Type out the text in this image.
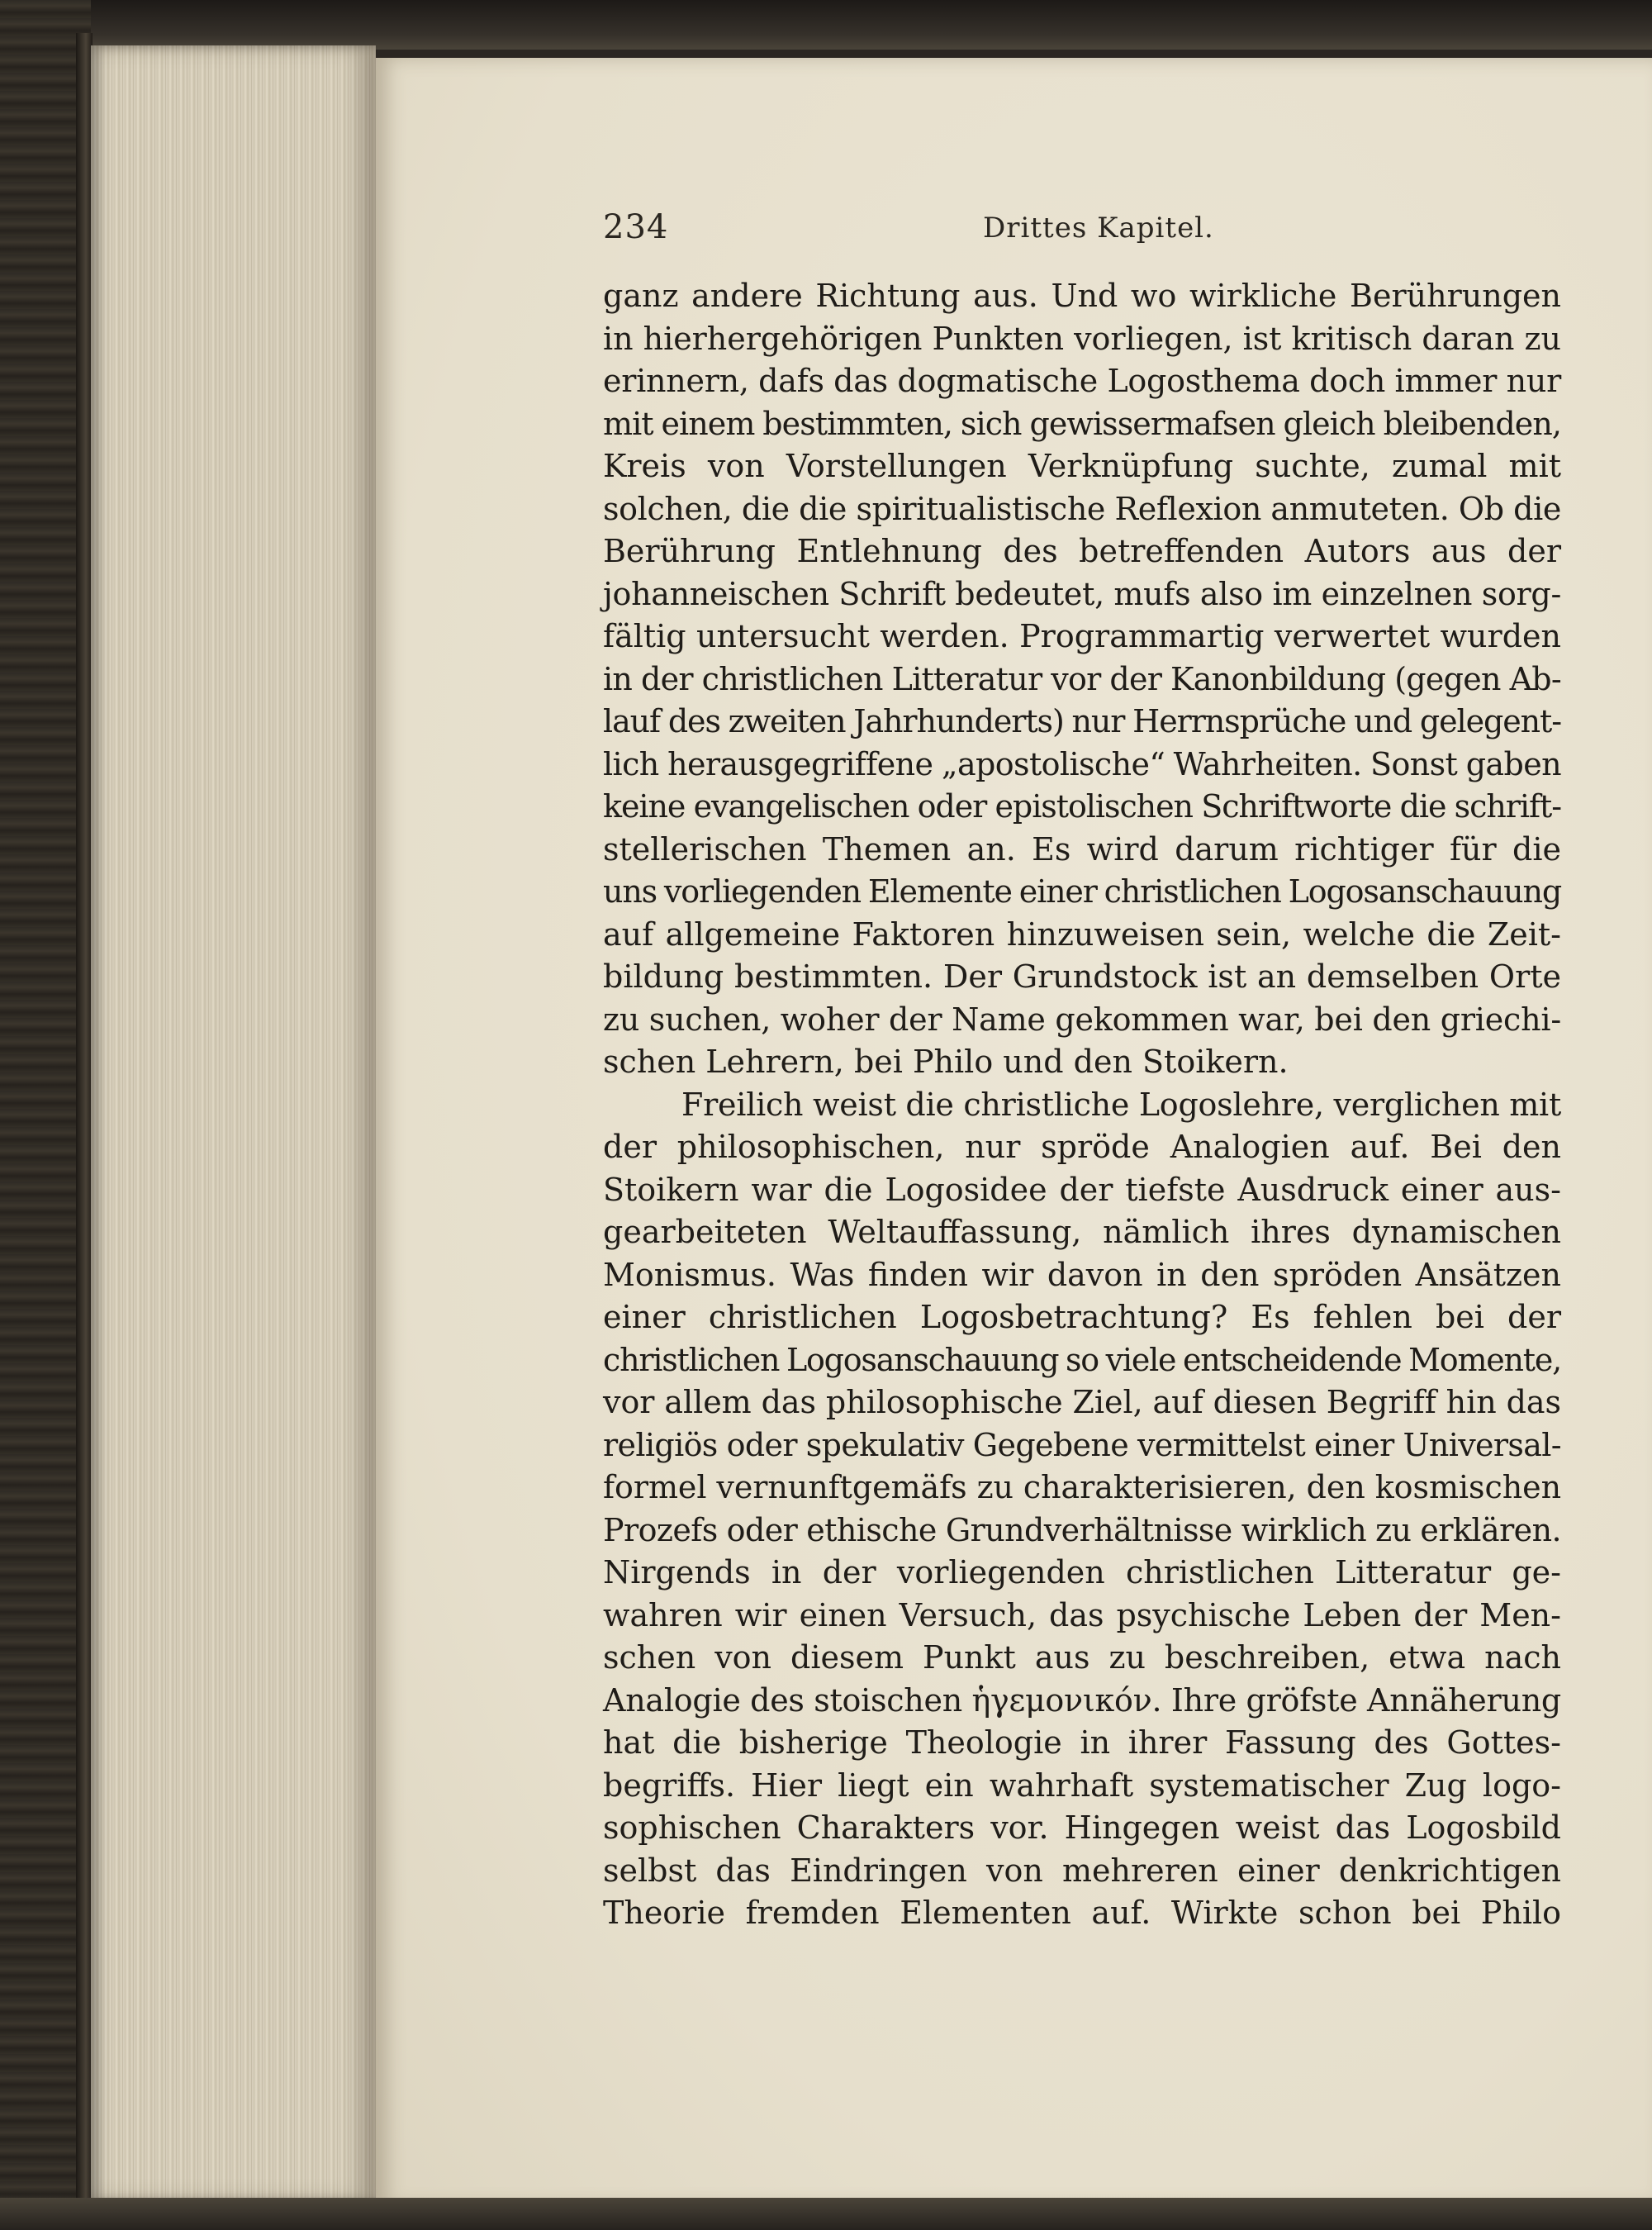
234	Drittes Kapitel.
ganz andere Richtung aus. Und wo wirkliche Berührungen
in hierhergehörigen Punkten vorliegen, ist kritisch daran zu
erinnern, dafs das dogmatische Logosthema doch immer nur
mit einem bestimmten, sich gewissermafsen gleich bleibenden,
Kreis von Vorstellungen Verknüpfung suchte, zumal mit
solchen, die die spiritualistische Reflexion anmuteten. Ob die
Berührung Entlehnung des betreffenden Autors aus der
johanneischen Schrift bedeutet, mufs also im einzelnen sorg-
fältig untersucht werden. Programmartig verwertet wurden
in der christlichen Litteratur vor der Kanonbildung (gegen Ab-
lauf des zweiten Jahrhunderts) nur Herrnsprüche und gelegent-
lich herausgegriffene „apostolische“ Wahrheiten. Sonst gaben
keine evangelischen oder epistolischen Schriftworte die schrift-
stellerischen Themen an. Es wird darum richtiger für die
uns vorliegenden Elemente einer christlichen Logosanschauung
auf allgemeine Faktoren hinzuweisen sein, welche die Zeit-
bildung bestimmten. Der Grundstock ist an demselben Orte
zu suchen, woher der Name gekommen war, bei den griechi-
schen Lehrern, bei Philo und den Stoikern.
Freilich weist die christliche Logoslehre, verglichen mit
der philosophischen, nur spröde Analogien auf. Bei den
Stoikern war die Logosidee der tiefste Ausdruck einer aus-
gearbeiteten Weltauffassung, nämlich ihres dynamischen
Monismus. Was finden wir davon in den spröden Ansätzen
einer christlichen Logosbetrachtung? Es fehlen bei der
christlichen Logosanschauung so viele entscheidende Momente,
vor allem das philosophische Ziel, auf diesen Begriff hin das
religiös oder spekulativ Gegebene vermittelst einer Universal-
formel vernunftgemäfs zu charakterisieren, den kosmischen
Prozefs oder ethische Grundverhältnisse wirklich zu erklären.
Nirgends in der vorliegenden christlichen Litteratur ge-
wahren wir einen Versuch, das psychische Leben der Men-
schen von diesem Punkt aus zu beschreiben, etwa nach
Analogie des stoischen ἡγεμονικόν. Ihre gröfste Annäherung
hat die bisherige Theologie in ihrer Fassung des Gottes-
begriffs. Hier liegt ein wahrhaft systematischer Zug logo-
sophischen Charakters vor. Hingegen weist das Logosbild
selbst das Eindringen von mehreren einer denkrichtigen
Theorie fremden Elementen auf. Wirkte schon bei Philo
